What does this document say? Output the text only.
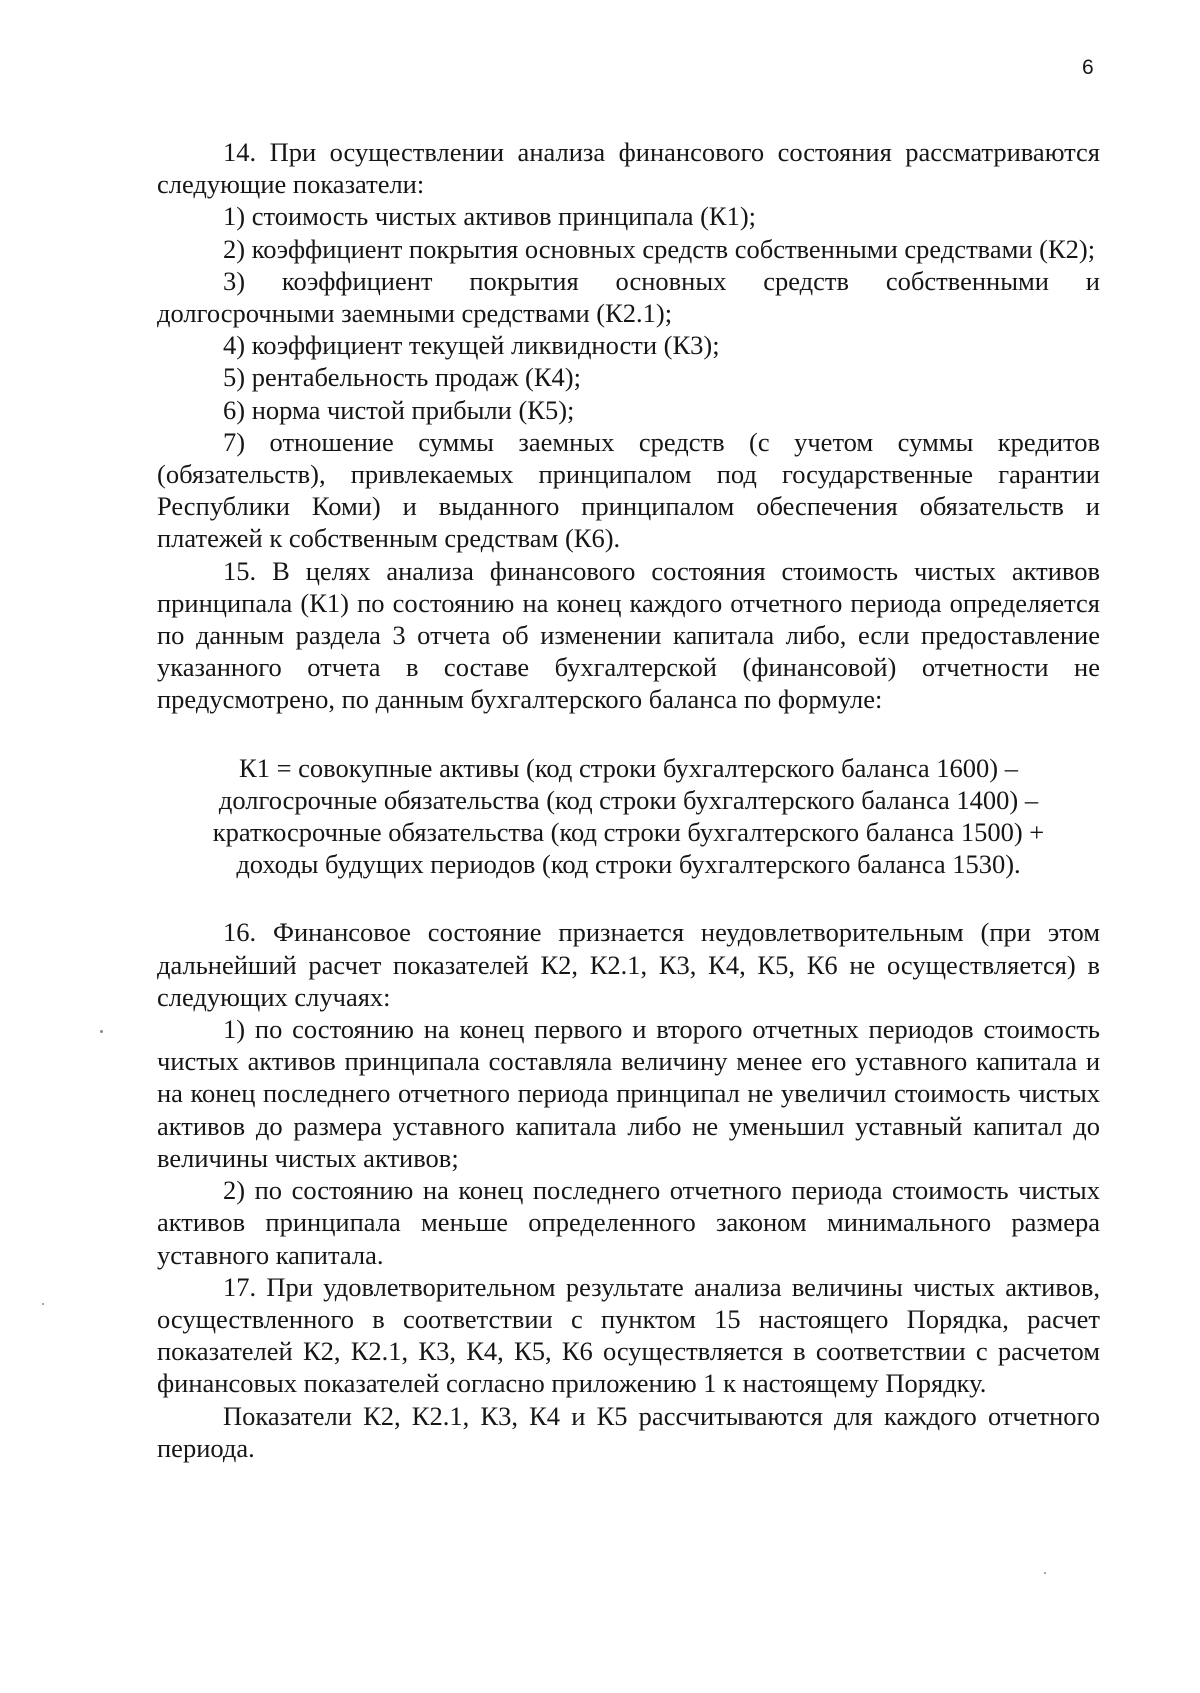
6

14. При осуществлении анализа финансового состояния рассматриваются следующие показатели:

1) стоимость чистых активов принципала (К1);

2) коэффициент покрытия основных средств собственными средствами (К2);

3) коэффициент покрытия основных средств собственными и долгосрочными заемными средствами (К2.1);

4) коэффициент текущей ликвидности (К3);

5) рентабельность продаж (К4);

6) норма чистой прибыли (К5);

7) отношение суммы заемных средств (с учетом суммы кредитов (обязательств), привлекаемых принципалом под государственные гарантии Республики Коми) и выданного принципалом обеспечения обязательств и платежей к собственным средствам (К6).

15. В целях анализа финансового состояния стоимость чистых активов принципала (К1) по состоянию на конец каждого отчетного периода определяется по данным раздела 3 отчета об изменении капитала либо, если предоставление указанного отчета в составе бухгалтерской (финансовой) отчетности не предусмотрено, по данным бухгалтерского баланса по формуле:

К1 = совокупные активы (код строки бухгалтерского баланса 1600) –
долгосрочные обязательства (код строки бухгалтерского баланса 1400) –
краткосрочные обязательства (код строки бухгалтерского баланса 1500) +
доходы будущих периодов (код строки бухгалтерского баланса 1530).

16. Финансовое состояние признается неудовлетворительным (при этом дальнейший расчет показателей К2, К2.1, К3, К4, К5, К6 не осуществляется) в следующих случаях:

1) по состоянию на конец первого и второго отчетных периодов стоимость чистых активов принципала составляла величину менее его уставного капитала и на конец последнего отчетного периода принципал не увеличил стоимость чистых активов до размера уставного капитала либо не уменьшил уставный капитал до величины чистых активов;

2) по состоянию на конец последнего отчетного периода стоимость чистых активов принципала меньше определенного законом минимального размера уставного капитала.

17. При удовлетворительном результате анализа величины чистых активов, осуществленного в соответствии с пунктом 15 настоящего Порядка, расчет показателей К2, К2.1, К3, К4, К5, К6 осуществляется в соответствии с расчетом финансовых показателей согласно приложению 1 к настоящему Порядку.

Показатели К2, К2.1, К3, К4 и К5 рассчитываются для каждого отчетного периода.
